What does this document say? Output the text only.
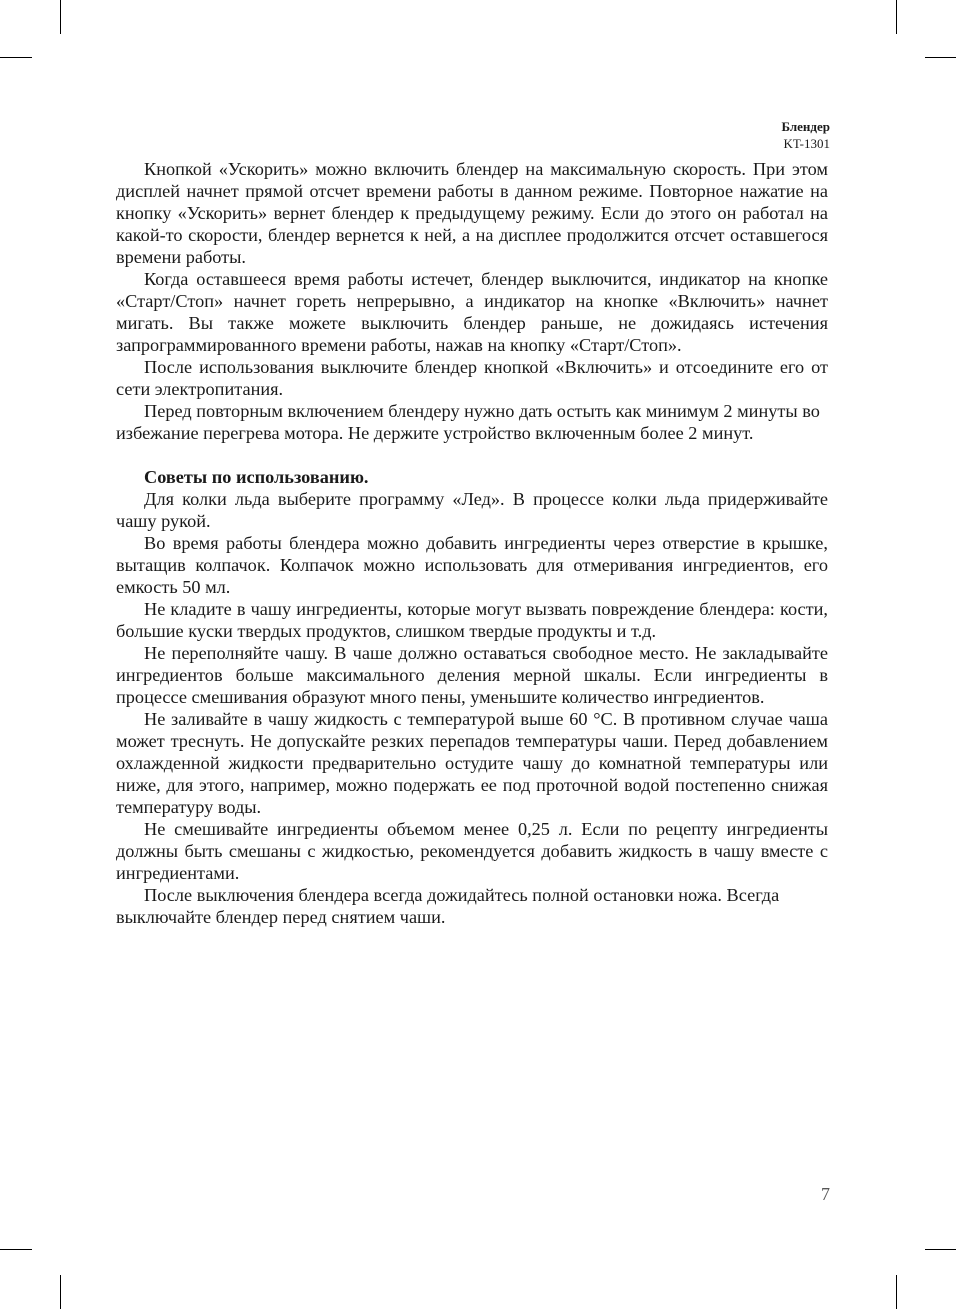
Блендер
KT-1301

Кнопкой «Ускорить» можно включить блендер на максимальную скорость. При этом дисплей начнет прямой отсчет времени работы в данном режиме. Повторное нажатие на кнопку «Ускорить» вернет блендер к предыдущему режиму. Если до этого он работал на какой-то скорости, блендер вернется к ней, а на дисплее продолжится отсчет оставшегося времени работы.

Когда оставшееся время работы истечет, блендер выключится, индикатор на кнопке «Старт/Стоп» начнет гореть непрерывно, а индикатор на кнопке «Включить» начнет мигать. Вы также можете выключить блендер раньше, не дожидаясь истечения запрограммированного времени работы, нажав на кнопку «Старт/Стоп».

После использования выключите блендер кнопкой «Включить» и отсоедините его от сети электропитания.

Перед повторным включением блендеру нужно дать остыть как минимум 2 минуты во избежание перегрева мотора. Не держите устройство включенным более 2 минут.

Советы по использованию.

Для колки льда выберите программу «Лед». В процессе колки льда придерживайте чашу рукой.

Во время работы блендера можно добавить ингредиенты через отверстие в крышке, вытащив колпачок. Колпачок можно использовать для отмеривания ингредиентов, его емкость 50 мл.

Не кладите в чашу ингредиенты, которые могут вызвать повреждение блендера: кости, большие куски твердых продуктов, слишком твердые продукты и т.д.

Не переполняйте чашу. В чаше должно оставаться свободное место. Не закладывайте ингредиентов больше максимального деления мерной шкалы. Если ингредиенты в процессе смешивания образуют много пены, уменьшите количество ингредиентов.

Не заливайте в чашу жидкость с температурой выше 60 °С. В противном случае чаша может треснуть. Не допускайте резких перепадов температуры чаши. Перед добавлением охлажденной жидкости предварительно остудите чашу до комнатной температуры или ниже, для этого, например, можно подержать ее под проточной водой постепенно снижая температуру воды.

Не смешивайте ингредиенты объемом менее 0,25 л. Если по рецепту ингредиенты должны быть смешаны с жидкостью, рекомендуется добавить жидкость в чашу вместе с ингредиентами.

После выключения блендера всегда дожидайтесь полной остановки ножа. Всегда выключайте блендер перед снятием чаши.

7
